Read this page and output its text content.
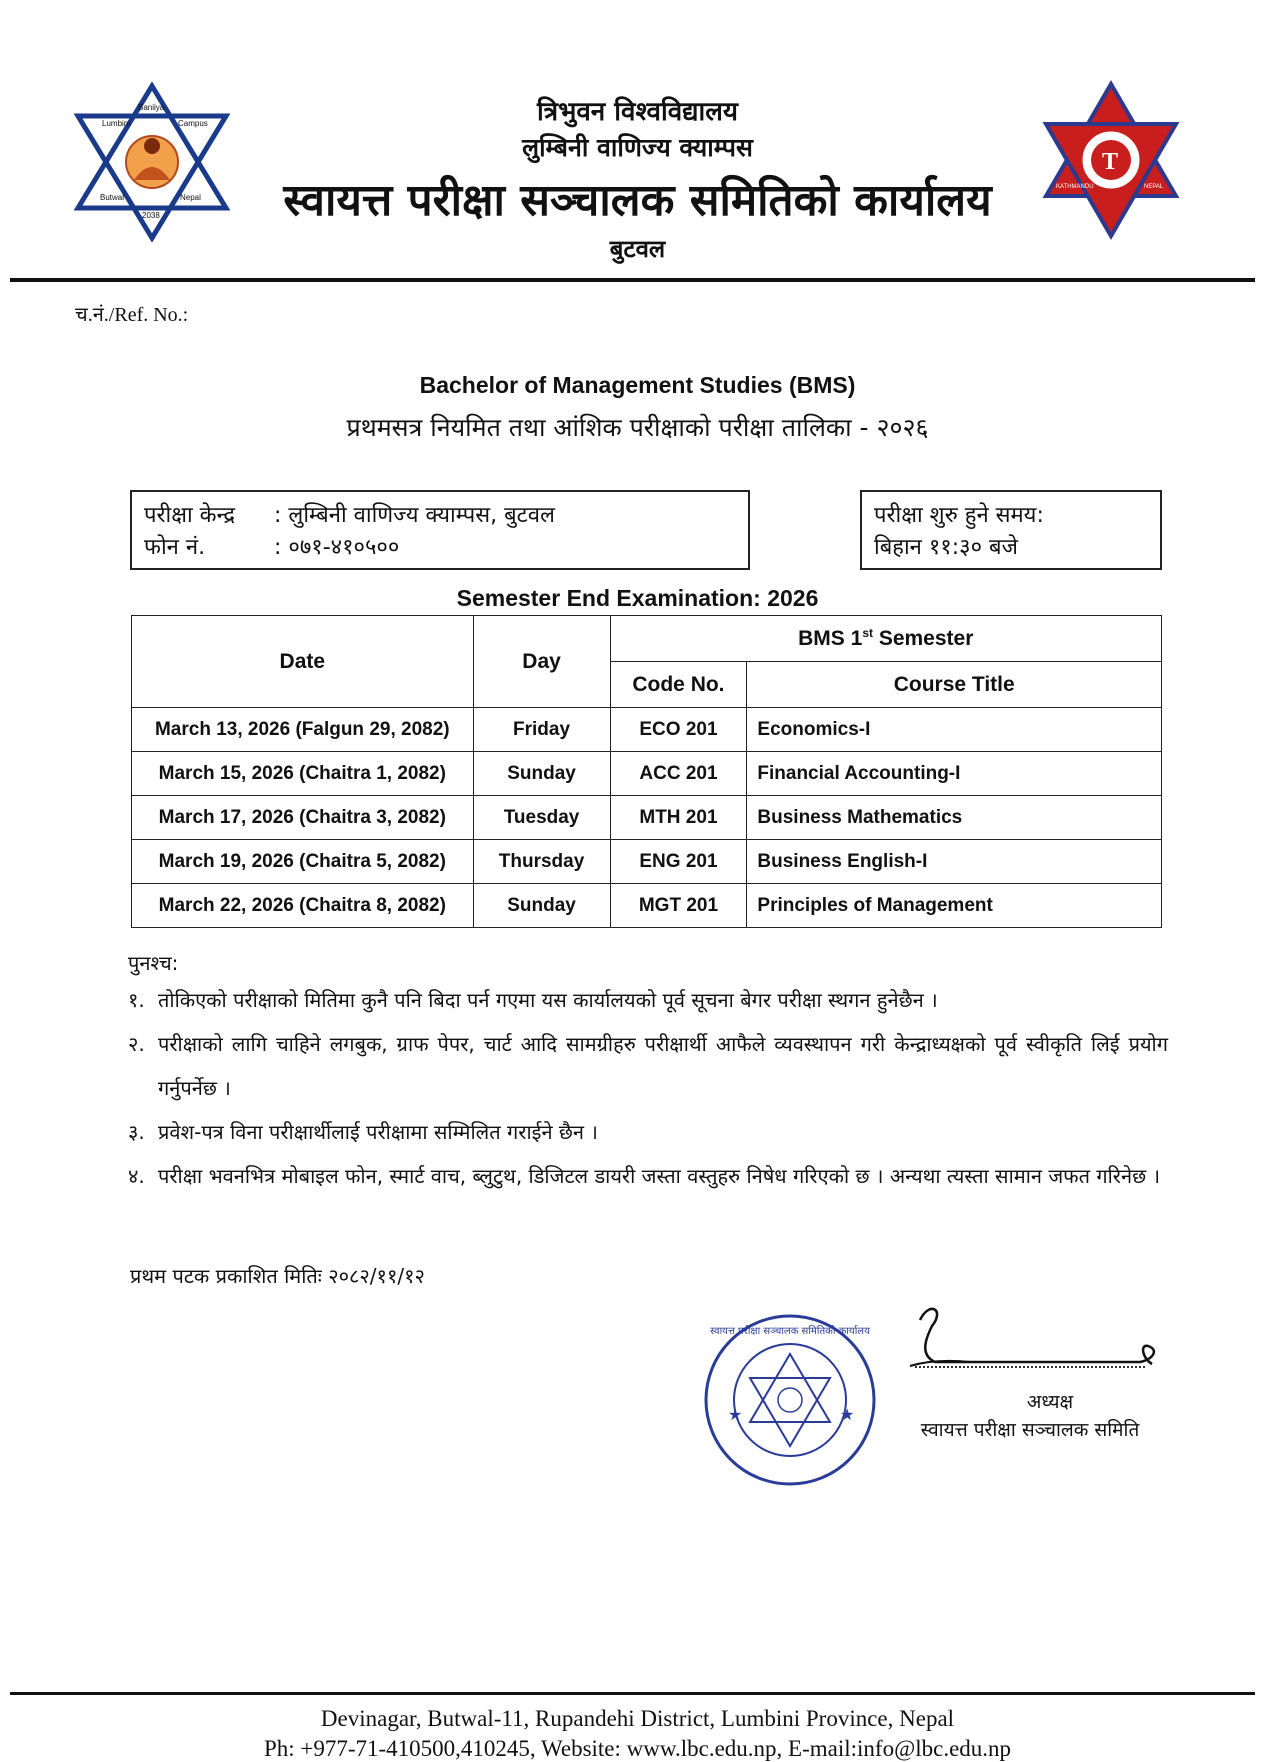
Lumbini
Baniiya
Campus
Butwal	Nepal
2038
T
KATHMANDU	NEPAL
त्रिभुवन विश्वविद्यालय
लुम्बिनी वाणिज्य क्याम्पस
स्वायत्त परीक्षा सञ्चालक समितिको कार्यालय
बुटवल
च.नं./Ref. No.:
Bachelor of Management Studies (BMS)
प्रथमसत्र नियमित तथा आंशिक परीक्षाको परीक्षा तालिका - २०२६
परीक्षा केन्द्र : लुम्बिनी वाणिज्य क्याम्पस, बुटवल
फोन नं.	: ०७१-४१०५००
परीक्षा शुरु हुने समय:
बिहान ११:३० बजे
Semester End Examination: 2026
Date	Day	BMS 1st Semester	
		Code No.	Course Title
March 13, 2026 (Falgun 29, 2082)	Friday	ECO 201	Economics-I
March 15, 2026 (Chaitra 1, 2082)	Sunday	ACC 201	Financial Accounting-I
March 17, 2026 (Chaitra 3, 2082)	Tuesday	MTH 201	Business Mathematics
March 19, 2026 (Chaitra 5, 2082)	Thursday	ENG 201	Business English-I
March 22, 2026 (Chaitra 8, 2082)	Sunday	MGT 201	Principles of Management
पुनश्च:
१. तोकिएको परीक्षाको मितिमा कुनै पनि बिदा पर्न गएमा यस कार्यालयको पूर्व सूचना बेगर परीक्षा स्थगन हुनेछैन ।
२. परीक्षाको लागि चाहिने लगबुक, ग्राफ पेपर, चार्ट आदि सामग्रीहरु परीक्षार्थी आफैले व्यवस्थापन गरी केन्द्राध्यक्षको पूर्व स्वीकृति लिई प्रयोग गर्नुपर्नेछ ।
३. प्रवेश-पत्र विना परीक्षार्थीलाई परीक्षामा सम्मिलित गराईने छैन ।
४. परीक्षा भवनभित्र मोबाइल फोन, स्मार्ट वाच, ब्लुटुथ, डिजिटल डायरी जस्ता वस्तुहरु निषेध गरिएको छ । अन्यथा त्यस्ता सामान जफत गरिनेछ ।
प्रथम पटक प्रकाशित मितिः २०८२/११/१२
स्वायत्त परीक्षा सञ्चालक समितिको कार्यालय
★	★
अध्यक्ष
स्वायत्त परीक्षा सञ्चालक समिति
Devinagar, Butwal-11, Rupandehi District, Lumbini Province, Nepal
Ph: +977-71-410500,410245, Website: www.lbc.edu.np, E-mail:info@lbc.edu.np
